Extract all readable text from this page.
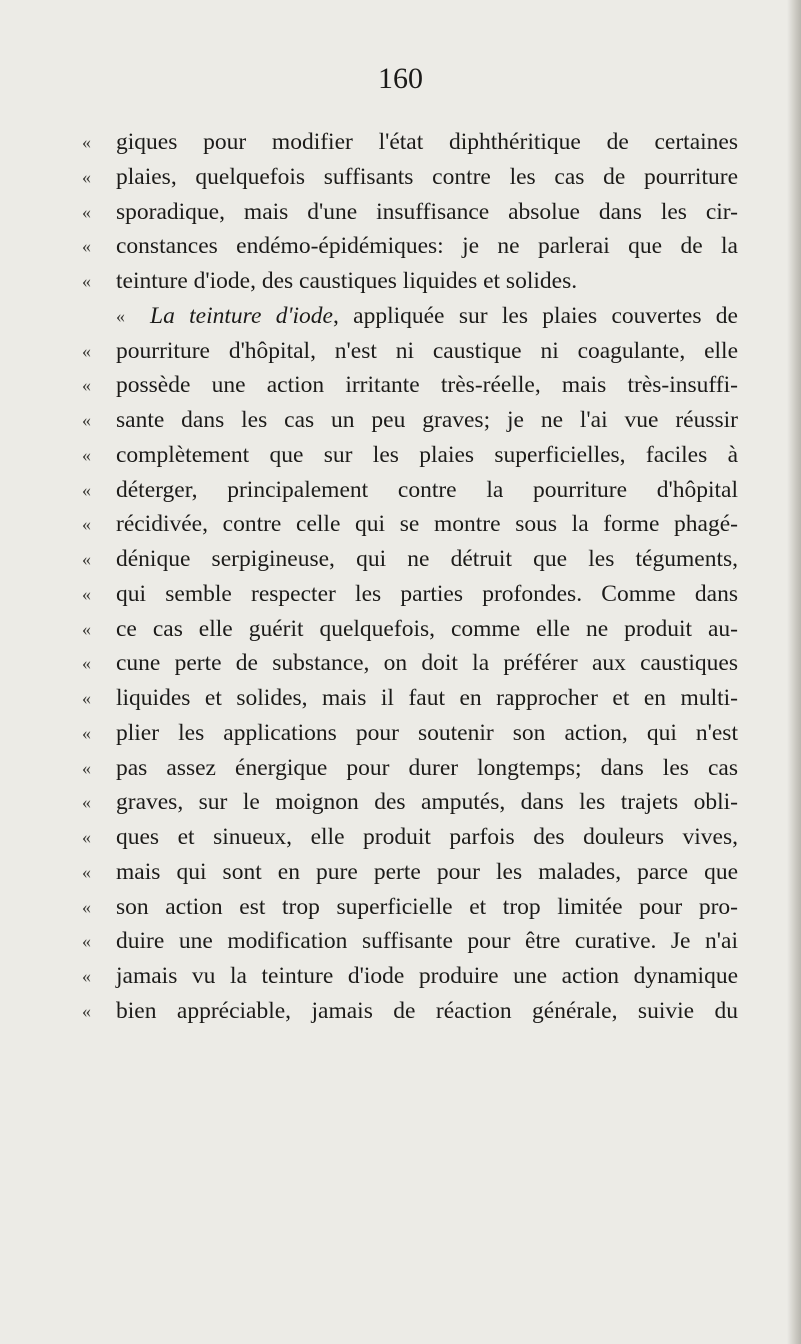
160
«	giques pour modifier l'état diphthéritique de certaines
«	plaies, quelquefois suffisants contre les cas de pourriture
«	sporadique, mais d'une insuffisance absolue dans les cir-
«	constances endémo-épidémiques: je ne parlerai que de la
«	teinture d'iode, des caustiques liquides et solides.
«	La teinture d'iode, appliquée sur les plaies couvertes de
«	pourriture d'hôpital, n'est ni caustique ni coagulante, elle
«	possède une action irritante très-réelle, mais très-insuffi-
«	sante dans les cas un peu graves; je ne l'ai vue réussir
«	complètement que sur les plaies superficielles, faciles à
«	déterger, principalement contre la pourriture d'hôpital
«	récidivée, contre celle qui se montre sous la forme phagé-
«	dénique serpigineuse, qui ne détruit que les téguments,
«	qui semble respecter les parties profondes. Comme dans
«	ce cas elle guérit quelquefois, comme elle ne produit au-
«	cune perte de substance, on doit la préférer aux caustiques
«	liquides et solides, mais il faut en rapprocher et en multi-
«	plier les applications pour soutenir son action, qui n'est
«	pas assez énergique pour durer longtemps; dans les cas
«	graves, sur le moignon des amputés, dans les trajets obli-
«	ques et sinueux, elle produit parfois des douleurs vives,
«	mais qui sont en pure perte pour les malades, parce que
«	son action est trop superficielle et trop limitée pour pro-
«	duire une modification suffisante pour être curative. Je n'ai
«	jamais vu la teinture d'iode produire une action dynamique
«	bien appréciable, jamais de réaction générale, suivie du
